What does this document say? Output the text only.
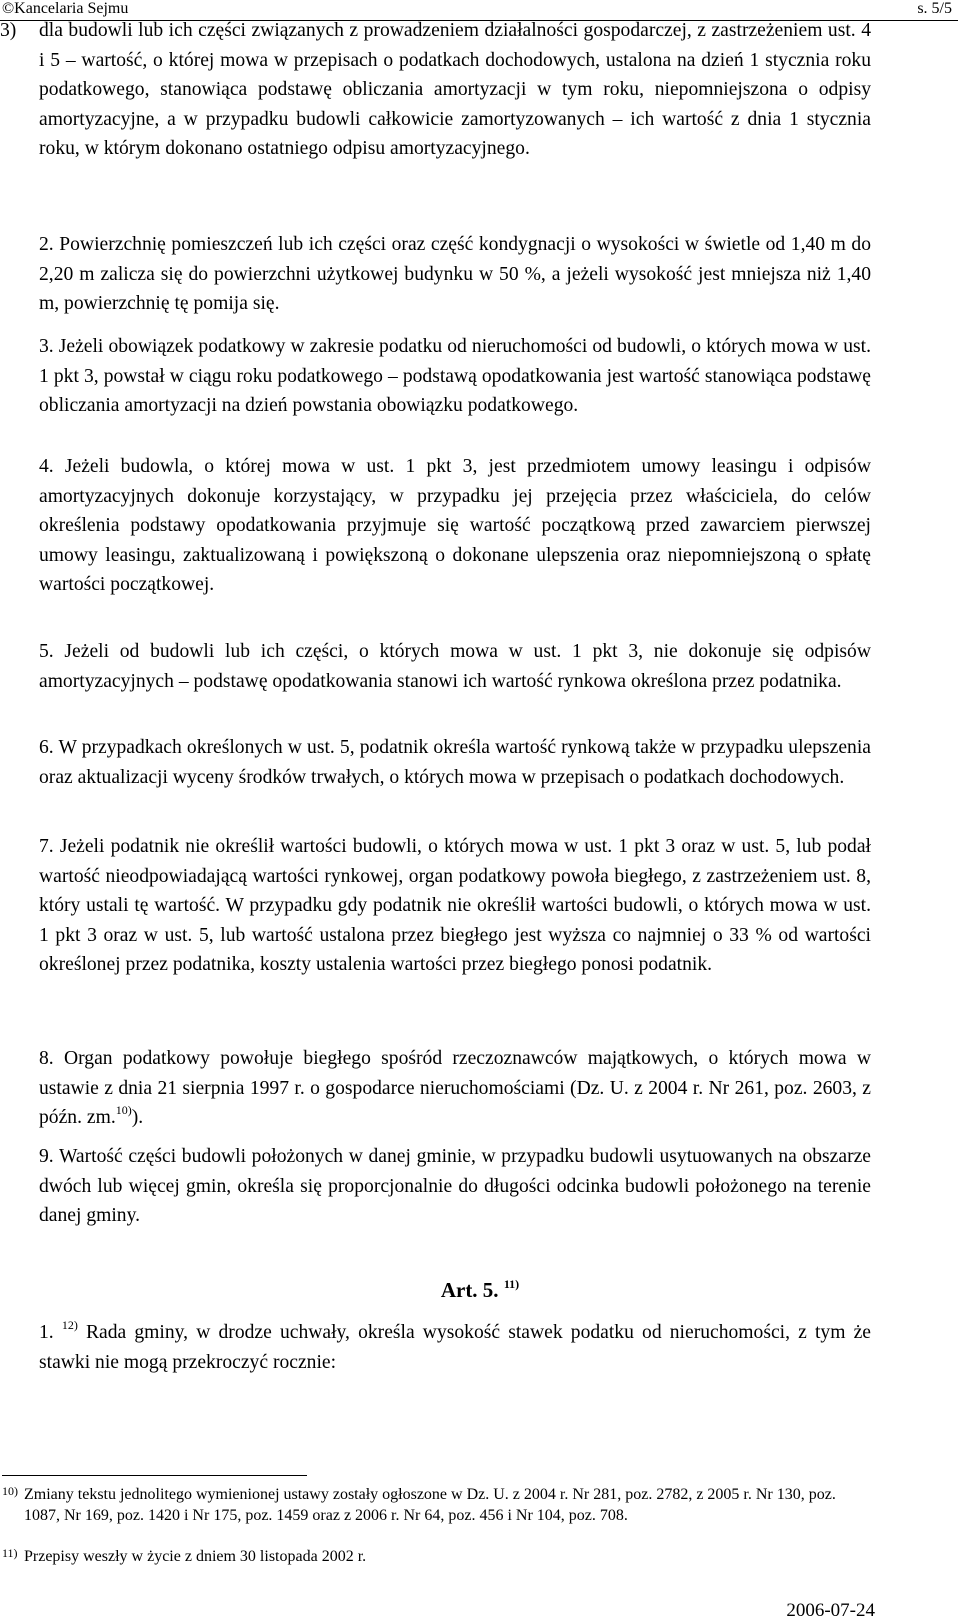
©Kancelaria Sejmu	s. 5/5

3) dla budowli lub ich części związanych z prowadzeniem działalności gospodarczej, z zastrzeżeniem ust. 4 i 5 – wartość, o której mowa w przepisach o podatkach dochodowych, ustalona na dzień 1 stycznia roku podatkowego, stanowiąca podstawę obliczania amortyzacji w tym roku, niepomniejszona o odpisy amortyzacyjne, a w przypadku budowli całkowicie zamortyzowanych – ich wartość z dnia 1 stycznia roku, w którym dokonano ostatniego odpisu amortyzacyjnego.

2. Powierzchnię pomieszczeń lub ich części oraz część kondygnacji o wysokości w świetle od 1,40 m do 2,20 m zalicza się do powierzchni użytkowej budynku w 50 %, a jeżeli wysokość jest mniejsza niż 1,40 m, powierzchnię tę pomija się.

3. Jeżeli obowiązek podatkowy w zakresie podatku od nieruchomości od budowli, o których mowa w ust. 1 pkt 3, powstał w ciągu roku podatkowego – podstawą opodatkowania jest wartość stanowiąca podstawę obliczania amortyzacji na dzień powstania obowiązku podatkowego.

4. Jeżeli budowla, o której mowa w ust. 1 pkt 3, jest przedmiotem umowy leasingu i odpisów amortyzacyjnych dokonuje korzystający, w przypadku jej przejęcia przez właściciela, do celów określenia podstawy opodatkowania przyjmuje się wartość początkową przed zawarciem pierwszej umowy leasingu, zaktualizowaną i powiększoną o dokonane ulepszenia oraz niepomniejszoną o spłatę wartości początkowej.

5. Jeżeli od budowli lub ich części, o których mowa w ust. 1 pkt 3, nie dokonuje się odpisów amortyzacyjnych – podstawę opodatkowania stanowi ich wartość rynkowa określona przez podatnika.

6. W przypadkach określonych w ust. 5, podatnik określa wartość rynkową także w przypadku ulepszenia oraz aktualizacji wyceny środków trwałych, o których mowa w przepisach o podatkach dochodowych.

7. Jeżeli podatnik nie określił wartości budowli, o których mowa w ust. 1 pkt 3 oraz w ust. 5, lub podał wartość nieodpowiadającą wartości rynkowej, organ podatkowy powoła biegłego, z zastrzeżeniem ust. 8, który ustali tę wartość. W przypadku gdy podatnik nie określił wartości budowli, o których mowa w ust. 1 pkt 3 oraz w ust. 5, lub wartość ustalona przez biegłego jest wyższa co najmniej o 33 % od wartości określonej przez podatnika, koszty ustalenia wartości przez biegłego ponosi podatnik.

8. Organ podatkowy powołuje biegłego spośród rzeczoznawców majątkowych, o których mowa w ustawie z dnia 21 sierpnia 1997 r. o gospodarce nieruchomościami (Dz. U. z 2004 r. Nr 261, poz. 2603, z późn. zm.$^{10)}$).

9. Wartość części budowli położonych w danej gminie, w przypadku budowli usytuowanych na obszarze dwóch lub więcej gmin, określa się proporcjonalnie do długości odcinka budowli położonego na terenie danej gminy.

Art. 5. $^{11)}$

1. $^{12)}$ Rada gminy, w drodze uchwały, określa wysokość stawek podatku od nieruchomości, z tym że stawki nie mogą przekroczyć rocznie:

10) Zmiany tekstu jednolitego wymienionej ustawy zostały ogłoszone w Dz. U. z 2004 r. Nr 281, poz. 2782, z 2005 r. Nr 130, poz. 1087, Nr 169, poz. 1420 i Nr 175, poz. 1459 oraz z 2006 r. Nr 64, poz. 456 i Nr 104, poz. 708.

11) Przepisy weszły w życie z dniem 30 listopada 2002 r.

2006-07-24
